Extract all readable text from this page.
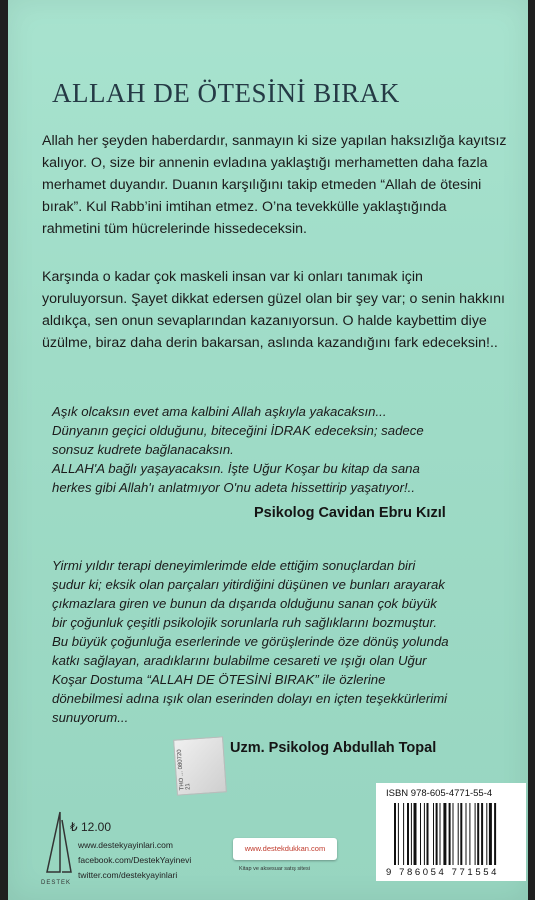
ALLAH DE ÖTESİNİ BIRAK

Allah her şeyden haberdardır, sanmayın ki size yapılan haksızlığa kayıtsız kalıyor. O, size bir annenin evladına yaklaştığı merhametten daha fazla merhamet duyandır. Duanın karşılığını takip etmeden “Allah de ötesini bırak”. Kul Rabb’ini imtihan etmez. O’na tevekkülle yaklaştığında rahmetini tüm hücrelerinde hissedeceksin.

Karşında o kadar çok maskeli insan var ki onları tanımak için yoruluyorsun. Şayet dikkat edersen güzel olan bir şey var; o senin hakkını aldıkça, sen onun sevaplarından kazanıyorsun. O halde kaybettim diye üzülme, biraz daha derin bakarsan, aslında kazandığını fark edeceksin!..

Aşık olcaksın evet ama kalbini Allah aşkıyla yakacaksın...
Dünyanın geçici olduğunu, biteceğini İDRAK edeceksin; sadece
sonsuz kudrete bağlanacaksın.
ALLAH'A bağlı yaşayacaksın. İşte Uğur Koşar bu kitap da sana
herkes gibi Allah'ı anlatmıyor O'nu adeta hissettirip yaşatıyor!..

Psikolog Cavidan Ebru Kızıl

Yirmi yıldır terapi deneyimlerimde elde ettiğim sonuçlardan biri
şudur ki; eksik olan parçaları yitirdiğini düşünen ve bunları arayarak
çıkmazlara giren ve bunun da dışarıda olduğunu sanan çok büyük
bir çoğunluk çeşitli psikolojik sorunlarla ruh sağlıklarını bozmuştur.
Bu büyük çoğunluğa eserlerinde ve görüşlerinde öze dönüş yolunda
katkı sağlayan, aradıklarını bulabilme cesareti ve ışığı olan Uğur
Koşar Dostuma “ALLAH DE ÖTESİNİ BIRAK” ile özlerine
dönebilmesi adına ışık olan eserinden dolayı en içten teşekkürlerimi
sunuyorum...

Uzm. Psikolog Abdullah Topal

THO ... 080720 21
DESTEK
₺ 12.00
www.destekyayinlari.com
facebook.com/DestekYayinevi
twitter.com/destekyayinlari
www.destekdukkan.com
Kitap ve aksesuar satış sitesi
ISBN 978-605-4771-55-4
9 786054 771554
